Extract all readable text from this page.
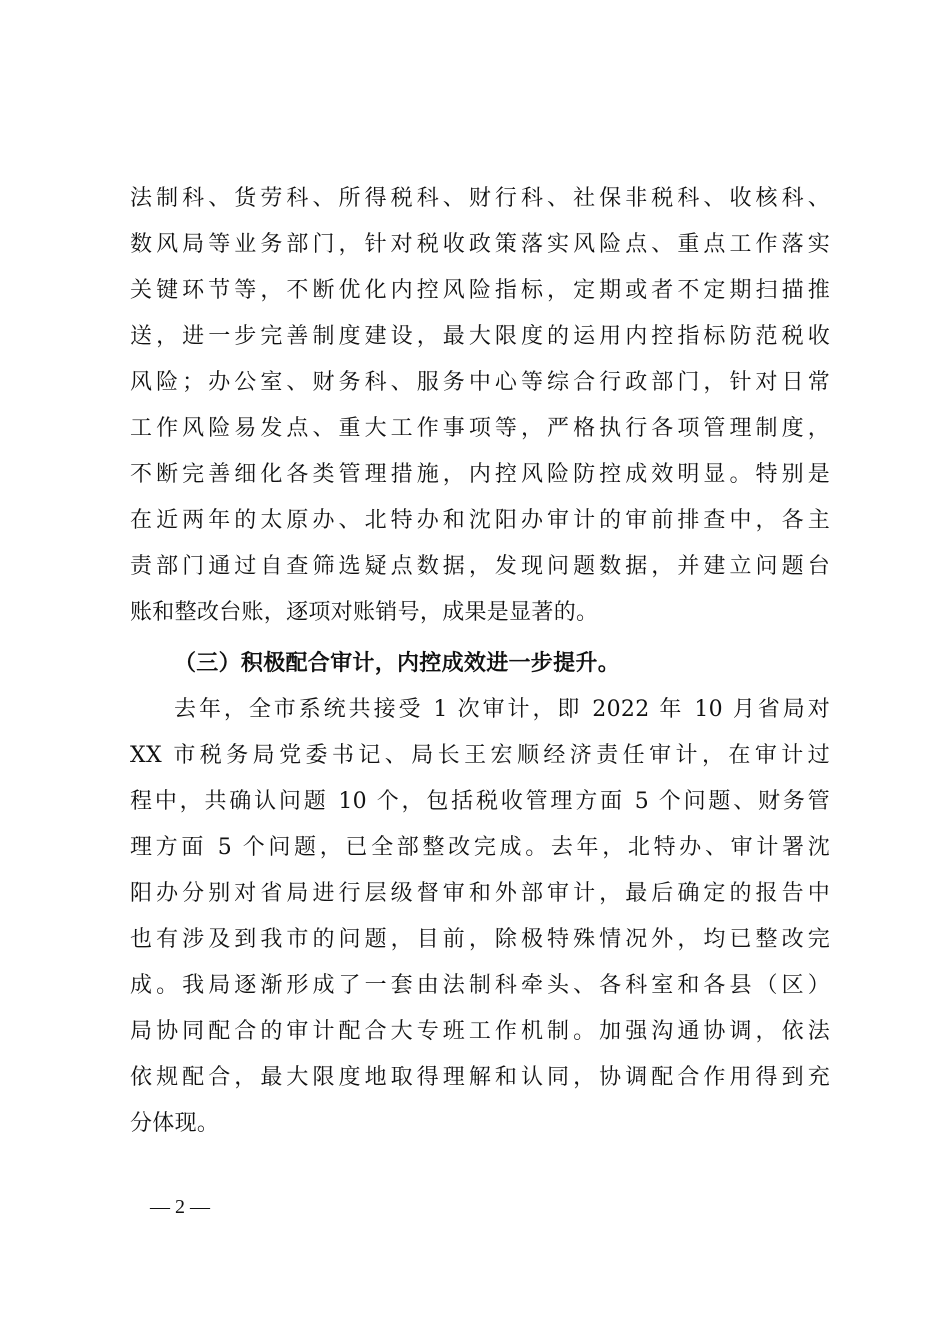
法制科、货劳科、所得税科、财行科、社保非税科、收核科、
数风局等业务部门，针对税收政策落实风险点、重点工作落实
关键环节等，不断优化内控风险指标，定期或者不定期扫描推
送，进一步完善制度建设，最大限度的运用内控指标防范税收
风险；办公室、财务科、服务中心等综合行政部门，针对日常
工作风险易发点、重大工作事项等，严格执行各项管理制度，
不断完善细化各类管理措施，内控风险防控成效明显。特别是
在近两年的太原办、北特办和沈阳办审计的审前排查中，各主
责部门通过自查筛选疑点数据，发现问题数据，并建立问题台
账和整改台账，逐项对账销号，成果是显著的。
（三）积极配合审计，内控成效进一步提升。
去年，全市系统共接受 1 次审计，即 2022 年 10 月省局对
XX 市税务局党委书记、局长王宏顺经济责任审计，在审计过
程中，共确认问题 10 个，包括税收管理方面 5 个问题、财务管
理方面 5 个问题，已全部整改完成。去年，北特办、审计署沈
阳办分别对省局进行层级督审和外部审计，最后确定的报告中
也有涉及到我市的问题，目前，除极特殊情况外，均已整改完
成。我局逐渐形成了一套由法制科牵头、各科室和各县（区）
局协同配合的审计配合大专班工作机制。加强沟通协调，依法
依规配合，最大限度地取得理解和认同，协调配合作用得到充
分体现。
— 2 —
